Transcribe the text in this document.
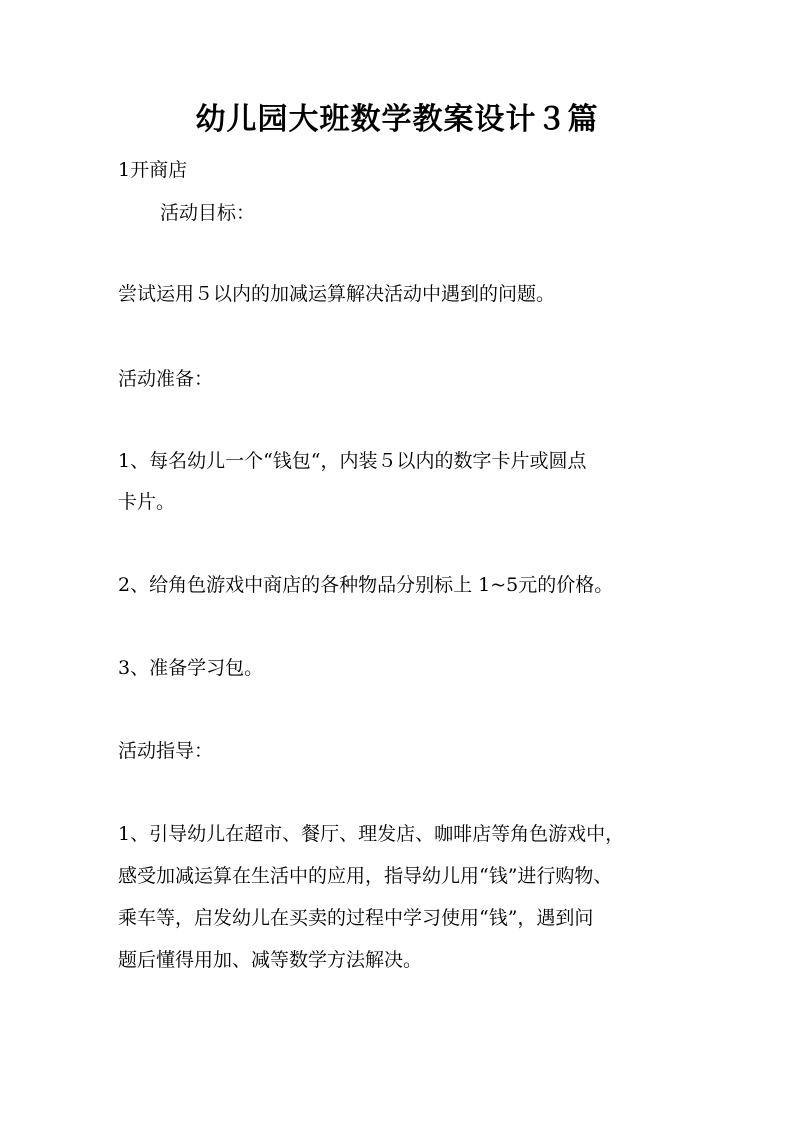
幼儿园大班数学教案设计３篇
1开商店
活动目标：
尝试运用５以内的加减运算解决活动中遇到的问题。
活动准备：
1、每名幼儿一个“钱包“，内装５以内的数字卡片或圆点
卡片。
2、给角色游戏中商店的各种物品分别标上 1~5元的价格。
3、准备学习包。
活动指导：
1、引导幼儿在超市、餐厅、理发店、咖啡店等角色游戏中，
感受加减运算在生活中的应用，指导幼儿用“钱”进行购物、
乘车等，启发幼儿在买卖的过程中学习使用“钱”，遇到问
题后懂得用加、减等数学方法解决。
